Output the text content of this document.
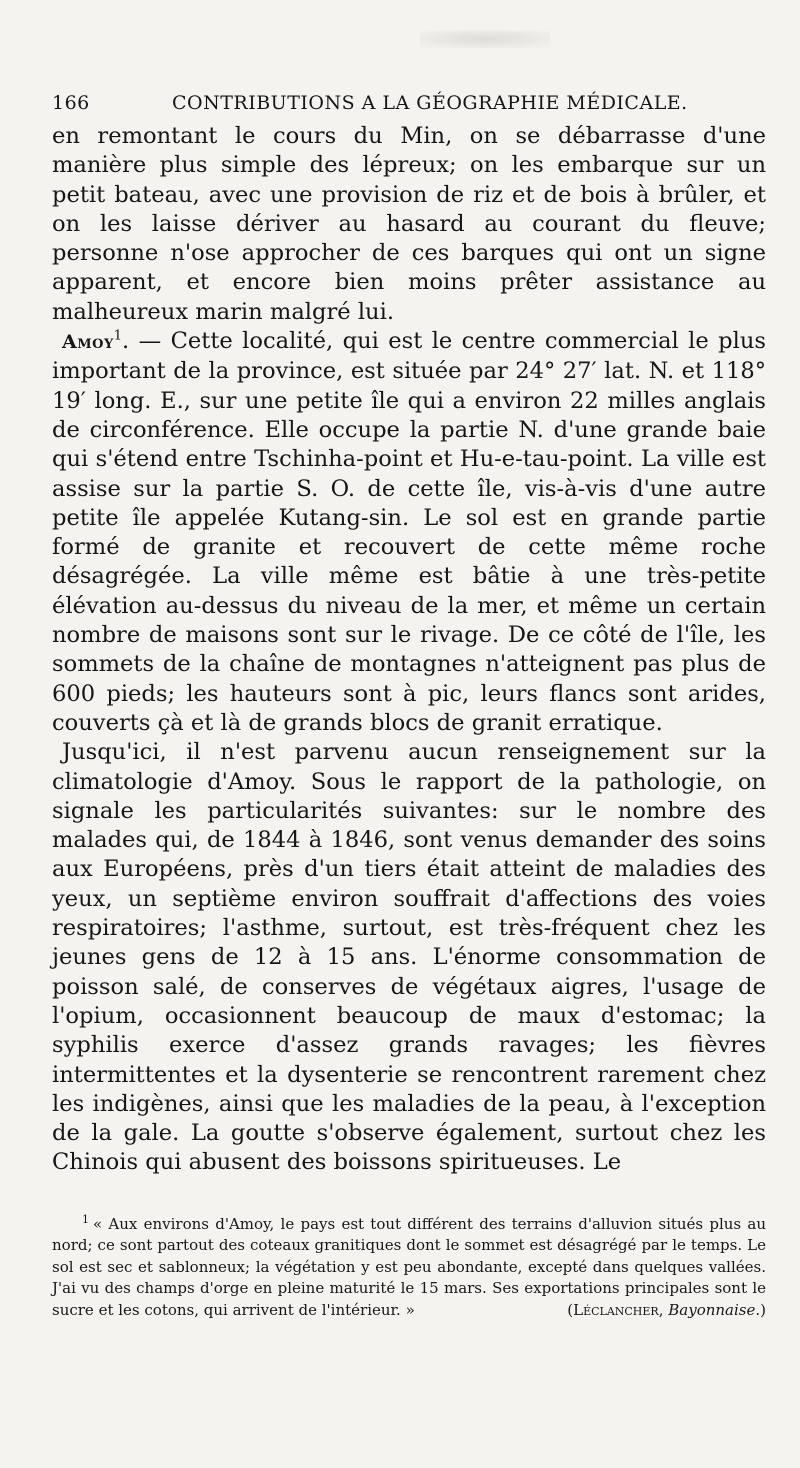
166	CONTRIBUTIONS A LA GÉOGRAPHIE MÉDICALE.

en remontant le cours du Min, on se débarrasse d'une manière plus simple des lépreux; on les embarque sur un petit bateau, avec une provision de riz et de bois à brûler, et on les laisse dériver au hasard au courant du fleuve; personne n'ose approcher de ces barques qui ont un signe apparent, et encore bien moins prêter assistance au malheureux marin malgré lui.

Amoy$^1$. — Cette localité, qui est le centre commercial le plus important de la province, est située par 24° 27′ lat. N. et 118° 19′ long. E., sur une petite île qui a environ 22 milles anglais de circonférence. Elle occupe la partie N. d'une grande baie qui s'étend entre Tschinha-point et Hu-e-tau-point. La ville est assise sur la partie S. O. de cette île, vis-à-vis d'une autre petite île appelée Kutang-sin. Le sol est en grande partie formé de granite et recouvert de cette même roche désagrégée. La ville même est bâtie à une très-petite élévation au-dessus du niveau de la mer, et même un certain nombre de maisons sont sur le rivage. De ce côté de l'île, les sommets de la chaîne de montagnes n'atteignent pas plus de 600 pieds; les hauteurs sont à pic, leurs flancs sont arides, couverts çà et là de grands blocs de granit erratique.

Jusqu'ici, il n'est parvenu aucun renseignement sur la climatologie d'Amoy. Sous le rapport de la pathologie, on signale les particularités suivantes: sur le nombre des malades qui, de 1844 à 1846, sont venus demander des soins aux Européens, près d'un tiers était atteint de maladies des yeux, un septième environ souffrait d'affections des voies respiratoires; l'asthme, surtout, est très-fréquent chez les jeunes gens de 12 à 15 ans. L'énorme consommation de poisson salé, de conserves de végétaux aigres, l'usage de l'opium, occasionnent beaucoup de maux d'estomac; la syphilis exerce d'assez grands ravages; les fièvres intermittentes et la dysenterie se rencontrent rarement chez les indigènes, ainsi que les maladies de la peau, à l'exception de la gale. La goutte s'observe également, surtout chez les Chinois qui abusent des boissons spiritueuses. Le

$^1$ « Aux environs d'Amoy, le pays est tout différent des terrains d'alluvion situés plus au nord; ce sont partout des coteaux granitiques dont le sommet est désagrégé par le temps. Le sol est sec et sablonneux; la végétation y est peu abondante, excepté dans quelques vallées. J'ai vu des champs d'orge en pleine maturité le 15 mars. Ses exportations principales sont le sucre et les cotons, qui arrivent de l'intérieur. »	(Léclancher, Bayonnaise.)
